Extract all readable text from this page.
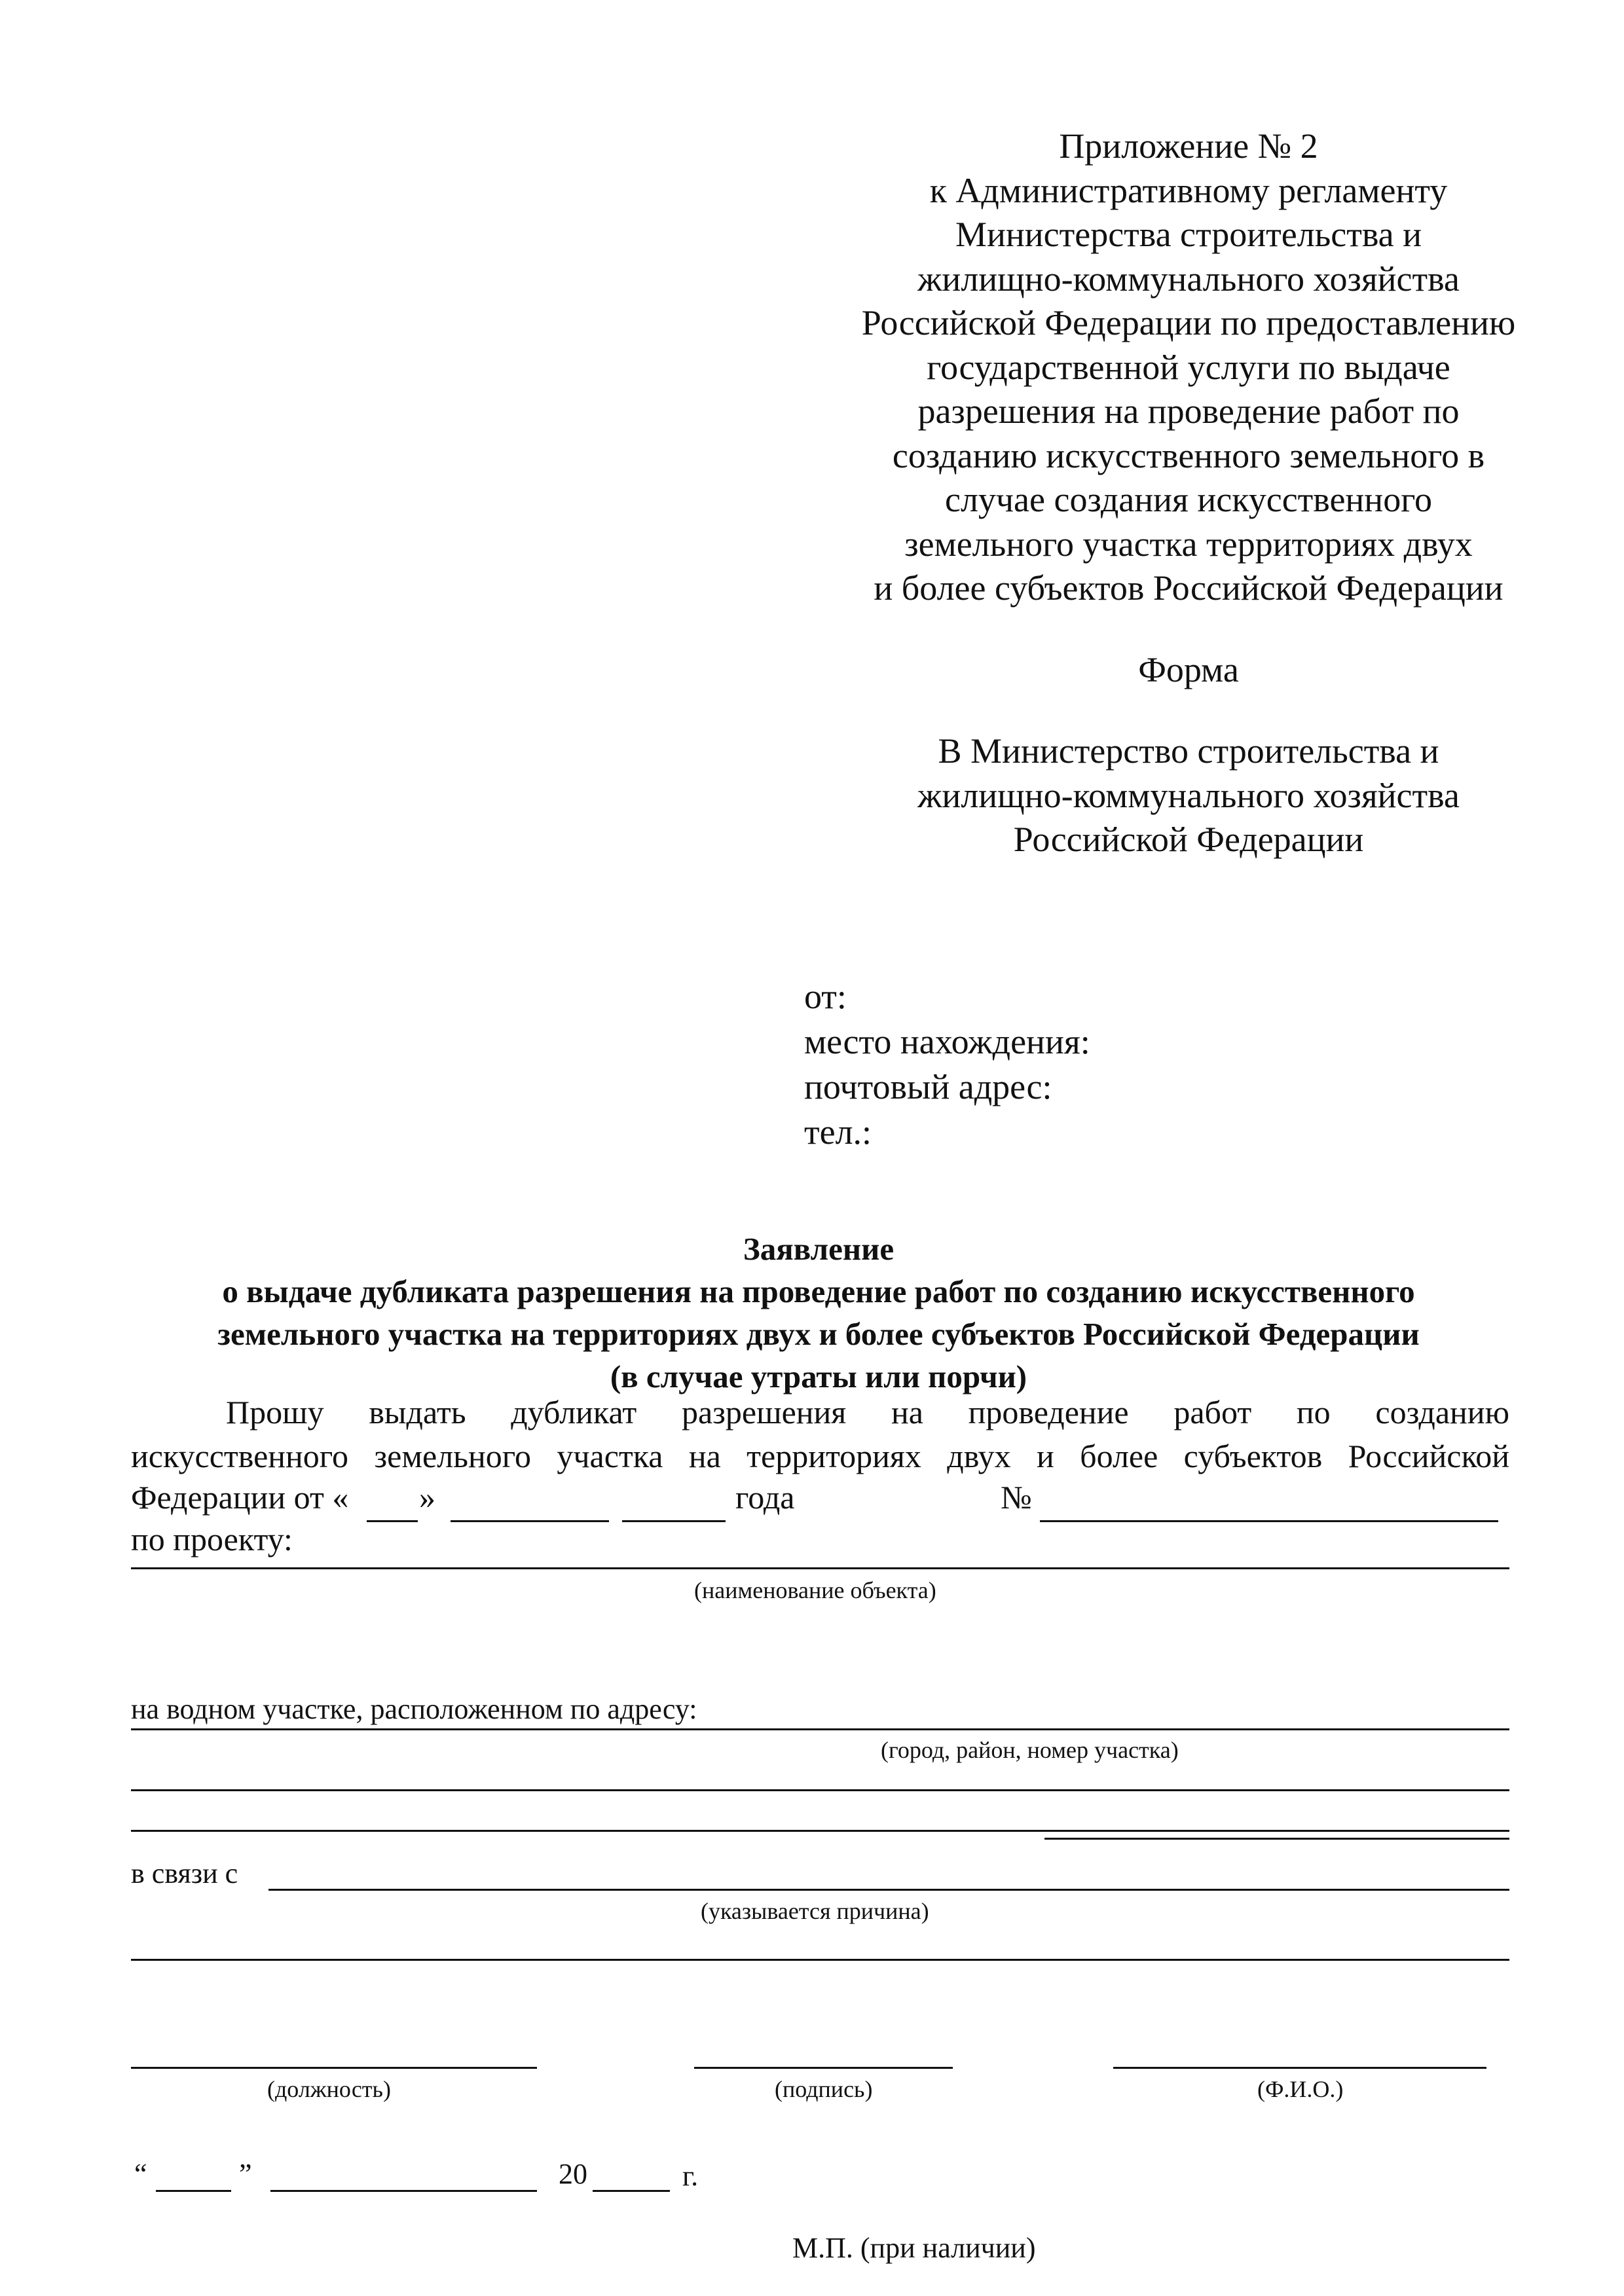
Приложение № 2
к Административному регламенту
Министерства строительства и
жилищно-коммунального хозяйства
Российской Федерации по предоставлению
государственной услуги по выдаче
разрешения на проведение работ по
созданию искусственного земельного в
случае создания искусственного
земельного участка территориях двух
и более субъектов Российской Федерации
Форма
В Министерство строительства и
жилищно-коммунального хозяйства
Российской Федерации
от:
место нахождения:
почтовый адрес:
тел.:
Заявление
о выдаче дубликата разрешения на проведение работ по созданию искусственного
земельного участка на территориях двух и более субъектов Российской Федерации
(в случае утраты или порчи)
Прошу выдать дубликат разрешения на проведение работ по созданию
искусственного земельного участка на территориях двух и более субъектов Российской
Федерации от « »	года	№
по проекту:
(наименование объекта)
на водном участке, расположенном по адресу:
(город, район, номер участка)
в связи с
(указывается причина)
(должность)	(подпись)	(Ф.И.О.)
“	”	20	г.
М.П. (при наличии)
